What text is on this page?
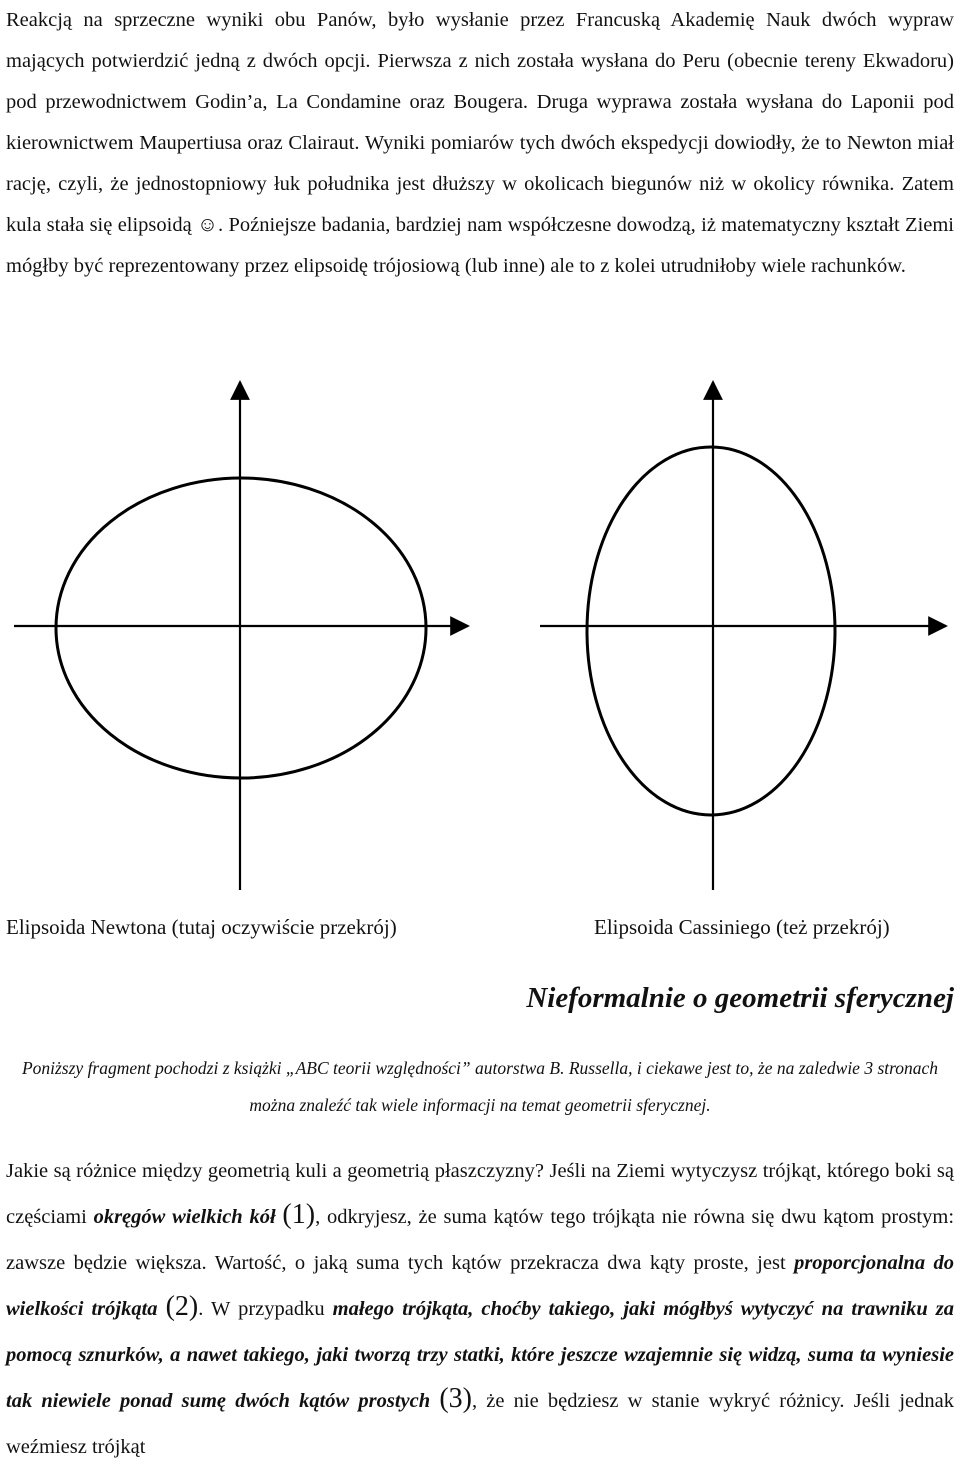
Reakcją na sprzeczne wyniki obu Panów, było wysłanie przez Francuską Akademię Nauk dwóch wypraw mających potwierdzić jedną z dwóch opcji. Pierwsza z nich została wysłana do Peru (obecnie tereny Ekwadoru) pod przewodnictwem Godin’a, La Condamine oraz Bougera. Druga wyprawa została wysłana do Laponii pod kierownictwem Maupertiusa oraz Clairaut. Wyniki pomiarów tych dwóch ekspedycji dowiodły, że to Newton miał rację, czyli, że jednostopniowy łuk południka jest dłuższy w okolicach biegunów niż w okolicy równika. Zatem kula stała się elipsoidą ☺. Poźniejsze badania, bardziej nam współczesne dowodzą, iż matematyczny kształt Ziemi mógłby być reprezentowany przez elipsoidę trójosiową (lub inne) ale to z kolei utrudniłoby wiele rachunków.

Elipsoida Newtona (tutaj oczywiście przekrój)	Elipsoida Cassiniego (też przekrój)

Nieformalnie o geometrii sferycznej

Poniższy fragment pochodzi z książki „ABC teorii względności” autorstwa B. Russella, i ciekawe jest to, że na zaledwie 3 stronach można znaleźć tak wiele informacji na temat geometrii sferycznej.

Jakie są różnice między geometrią kuli a geometrią płaszczyzny? Jeśli na Ziemi wytyczysz trójkąt, którego boki są częściami okręgów wielkich kół (1), odkryjesz, że suma kątów tego trójkąta nie równa się dwu kątom prostym: zawsze będzie większa. Wartość, o jaką suma tych kątów przekracza dwa kąty proste, jest proporcjonalna do wielkości trójkąta (2). W przypadku małego trójkąta, choćby takiego, jaki mógłbyś wytyczyć na trawniku za pomocą sznurków, a nawet takiego, jaki tworzą trzy statki, które jeszcze wzajemnie się widzą, suma ta wyniesie tak niewiele ponad sumę dwóch kątów prostych (3), że nie będziesz w stanie wykryć różnicy. Jeśli jednak weźmiesz trójkąt
